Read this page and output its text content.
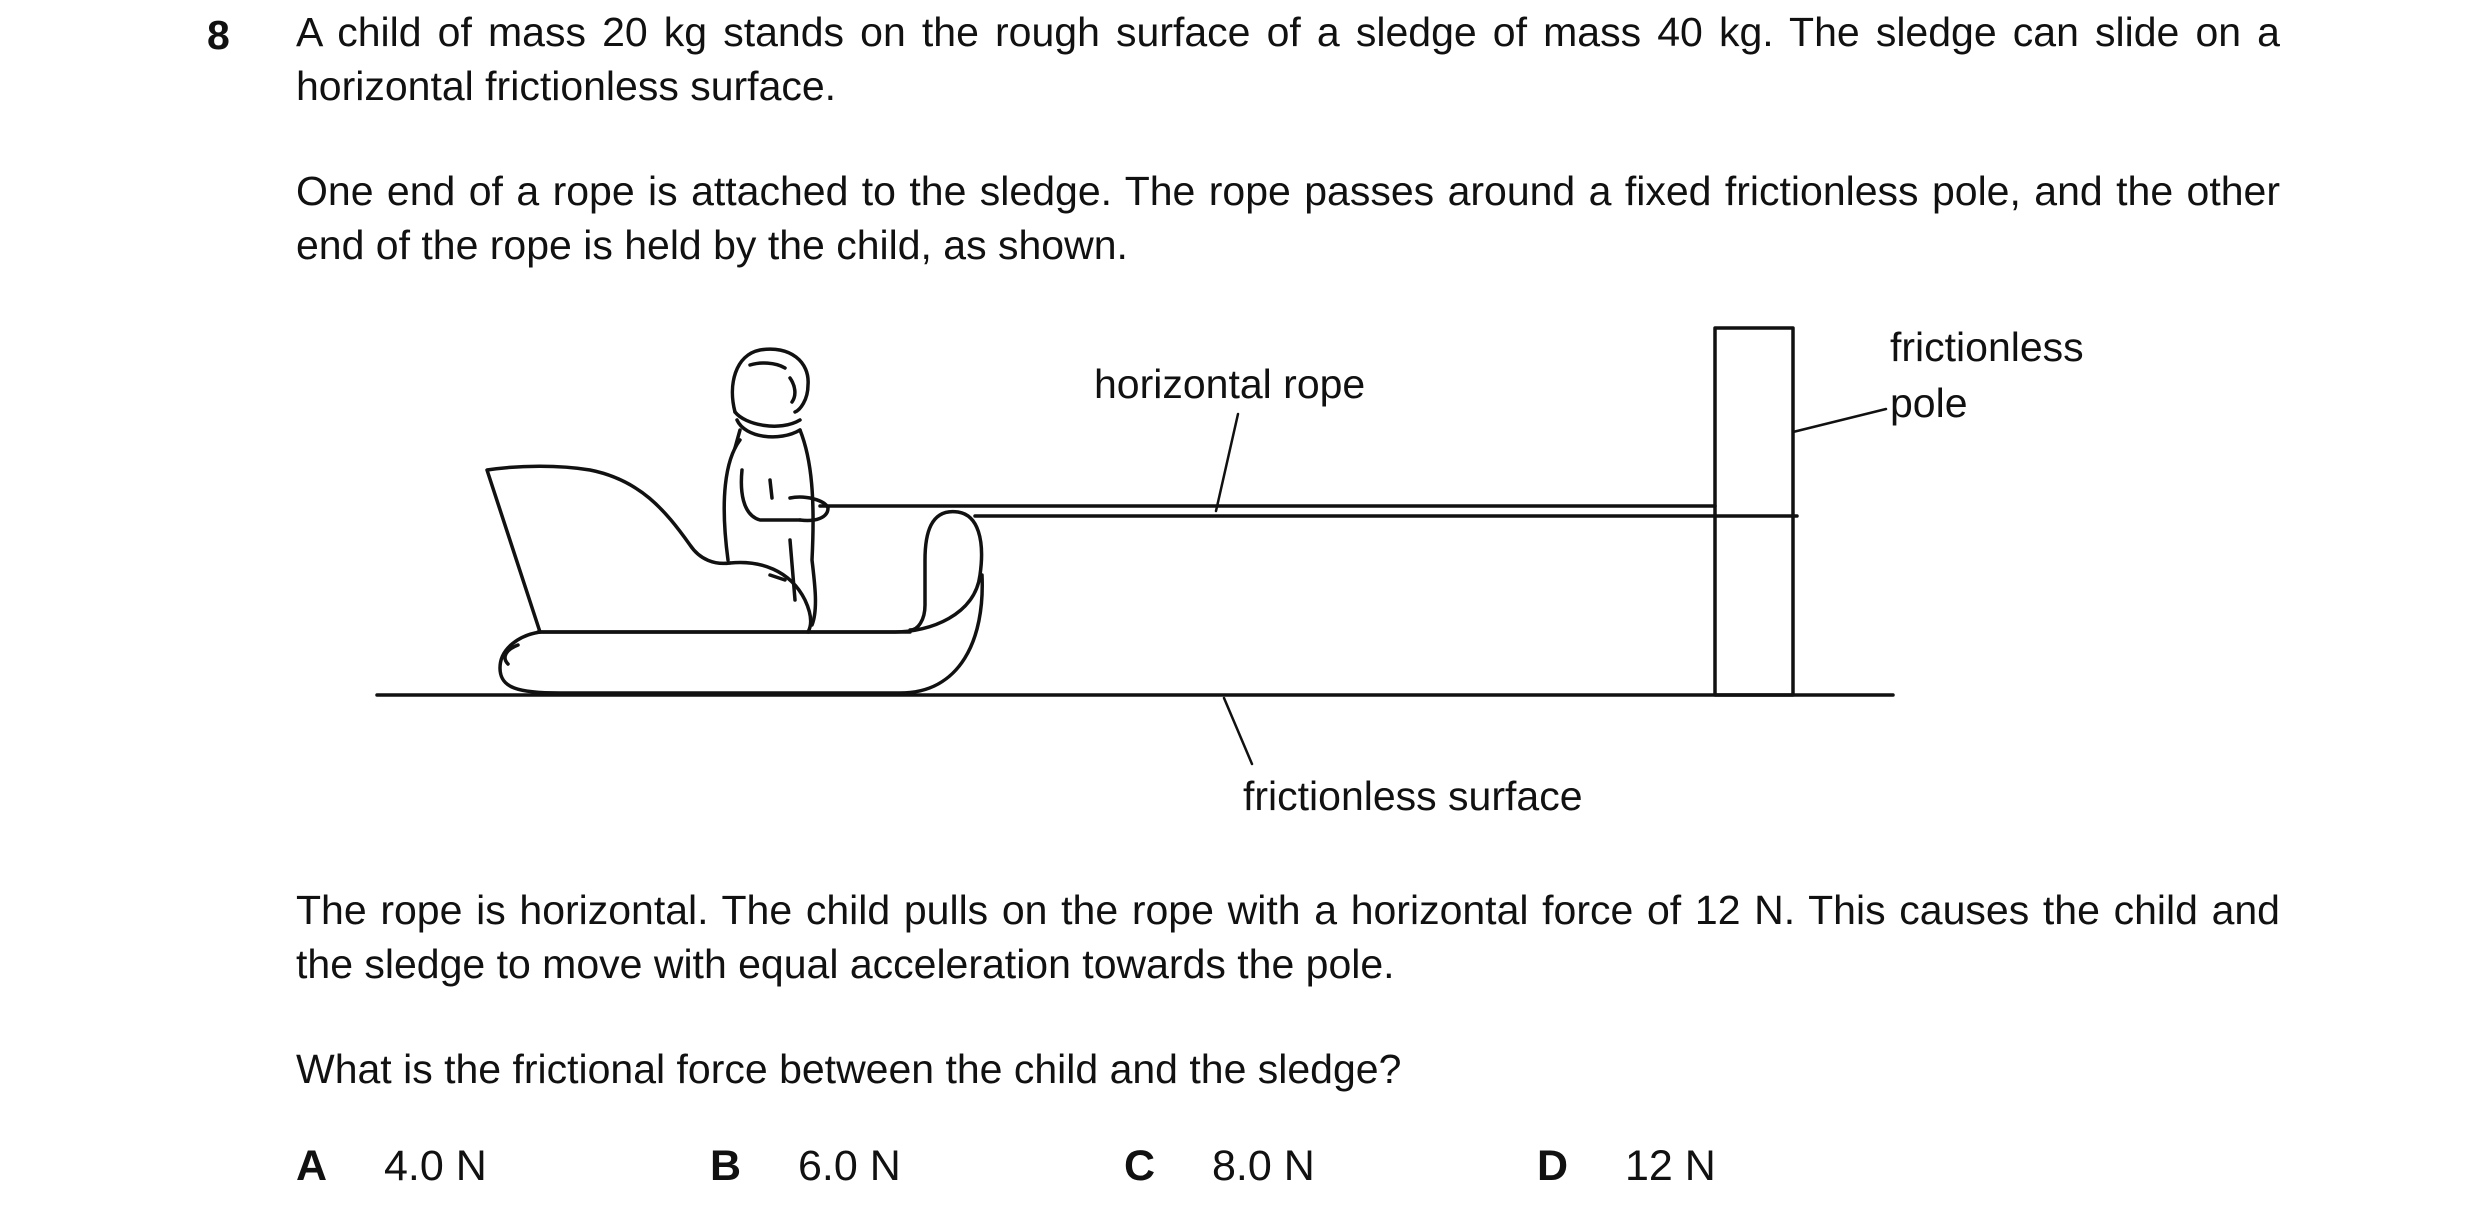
8 A child of mass 20 kg stands on the rough surface of a sledge of mass 40 kg. The sledge can slide on a horizontal frictionless surface.

One end of a rope is attached to the sledge. The rope passes around a fixed frictionless pole, and the other end of the rope is held by the child, as shown.

horizontal rope
frictionless
pole
frictionless surface

The rope is horizontal. The child pulls on the rope with a horizontal force of 12 N. This causes the child and the sledge to move with equal acceleration towards the pole.

What is the frictional force between the child and the sledge?

A 4.0 N	B 6.0 N	C 8.0 N	D 12 N
